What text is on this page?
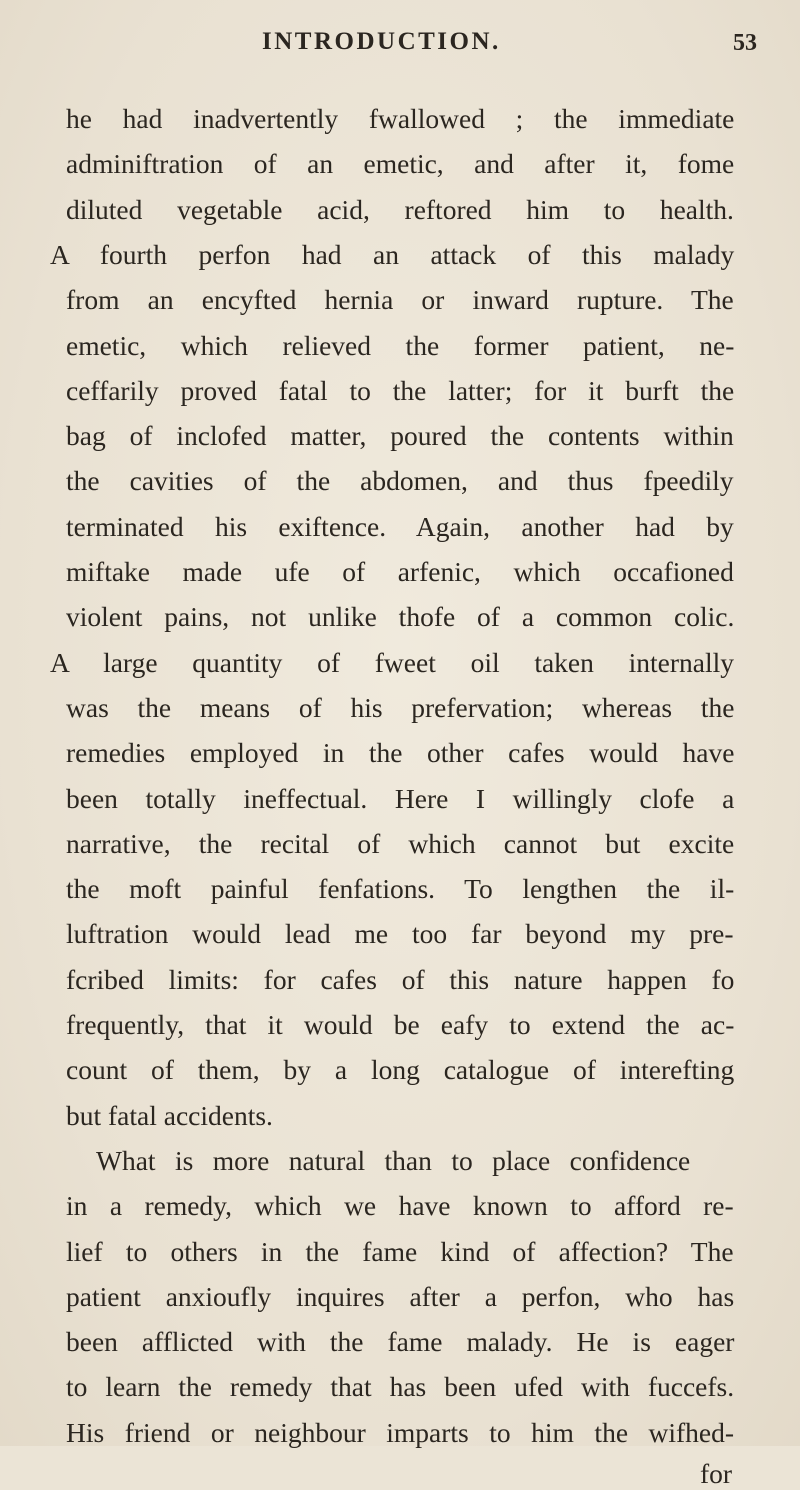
INTRODUCTION.	53
he had inadvertently fwallowed ; the immediate
adminiftration of an emetic, and after it, fome
diluted vegetable acid, reftored him to health.
A fourth perfon had an attack of this malady
from an encyfted hernia or inward rupture. The
emetic, which relieved the former patient, ne-
ceffarily proved fatal to the latter; for it burft the
bag of inclofed matter, poured the contents within
the cavities of the abdomen, and thus fpeedily
terminated his exiftence. Again, another had by
miftake made ufe of arfenic, which occafioned
violent pains, not unlike thofe of a common colic.
A large quantity of fweet oil taken internally
was the means of his prefervation; whereas the
remedies employed in the other cafes would have
been totally ineffectual. Here I willingly clofe a
narrative, the recital of which cannot but excite
the moft painful fenfations. To lengthen the il-
luftration would lead me too far beyond my pre-
fcribed limits: for cafes of this nature happen fo
frequently, that it would be eafy to extend the ac-
count of them, by a long catalogue of interefting
but fatal accidents.
What is more natural than to place confidence
in a remedy, which we have known to afford re-
lief to others in the fame kind of affection? The
patient anxioufly inquires after a perfon, who has
been afflicted with the fame malady. He is eager
to learn the remedy that has been ufed with fuccefs.
His friend or neighbour imparts to him the wifhed-
for
